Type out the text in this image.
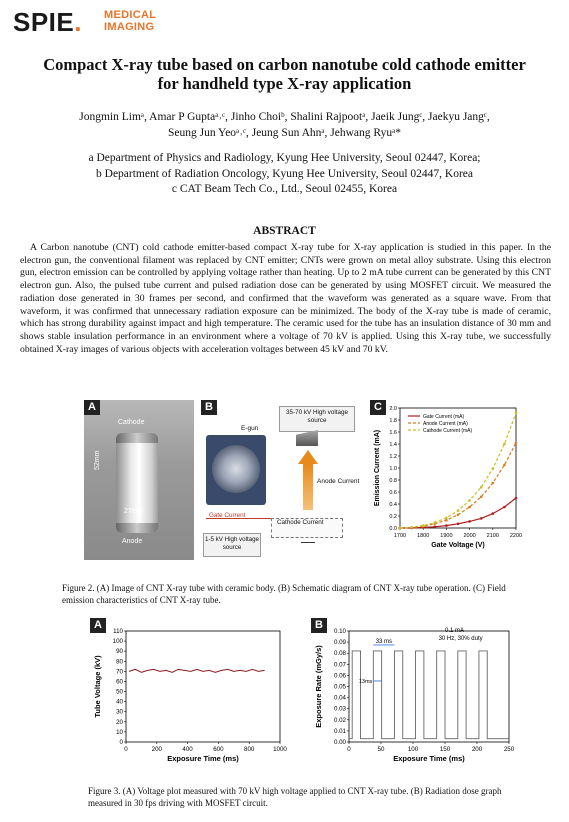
SPIE. MEDICAL
IMAGING
Compact X-ray tube based on carbon nanotube cold cathode emitter
for handheld type X-ray application
Jongmin Limᵃ, Amar P Guptaᵃ˒ᶜ, Jinho Choiᵇ, Shalini Rajpootᵃ, Jaeik Jungᶜ, Jaekyu Jangᶜ,
Seung Jun Yeoᵃ˒ᶜ, Jeung Sun Ahnᵃ, Jehwang Ryuᵃ*
a Department of Physics and Radiology, Kyung Hee University, Seoul 02447, Korea;
b Department of Radiation Oncology, Kyung Hee University, Seoul 02447, Korea
c CAT Beam Tech Co., Ltd., Seoul 02455, Korea
ABSTRACT
A Carbon nanotube (CNT) cold cathode emitter-based compact X-ray tube for X-ray application is studied in this paper. In the electron gun, the conventional filament was replaced by CNT emitter; CNTs were grown on metal alloy substrate. Using this electron gun, electron emission can be controlled by applying voltage rather than heating. Up to 2 mA tube current can be generated by this CNT electron gun. Also, the pulsed tube current and pulsed radiation dose can be generated by using MOSFET circuit. We measured the radiation dose generated in 30 frames per second, and confirmed that the waveform was generated as a square wave. From that waveform, it was confirmed that unnecessary radiation exposure can be minimized. The body of the X-ray tube is made of ceramic, which has strong durability against impact and high temperature. The ceramic used for the tube has an insulation distance of 30 mm and shows stable insulation performance in an environment where a voltage of 70 kV is applied. Using this X-ray tube, we successfully obtained X-ray images of various objects with acceleration voltages between 45 kV and 70 kV.
A
Cathode
52mm
27mm
Anode
B	35-70 kV High voltage source
E-gun
Anode Current
Gate Current
Cathode Current
1-5 kV High voltage source
C
1700 1800 1900 2000 2100 2200
0.0
0.2
0.4
0.6
0.8
1.0
1.2
1.4
1.6
1.8
2.0
Gate Voltage (V)
Emission Current (mA)
Gate Current (mA)
Anode Current (mA)
Cathode Current (mA)
Figure 2. (A) Image of CNT X-ray tube with ceramic body. (B) Schematic diagram of CNT X-ray tube operation. (C) Field emission characteristics of CNT X-ray tube.
A
0	200	400	600	800	1000
0
10
20
30
40
50
60
70
80
90
100
110
Exposure Time (ms)
Tube Voltage (kV)
B
0	50	100	150	200	250
0.00
0.01
0.02
0.03
0.04
0.05
0.06
0.07
0.08
0.09
0.10
Exposure Time (ms)
Exposure Rate (mGy/s)
33 ms
0.1 mA
30 Hz, 30% duty
13ms
Figure 3. (A) Voltage plot measured with 70 kV high voltage applied to CNT X-ray tube. (B) Radiation dose graph measured in 30 fps driving with MOSFET circuit.
